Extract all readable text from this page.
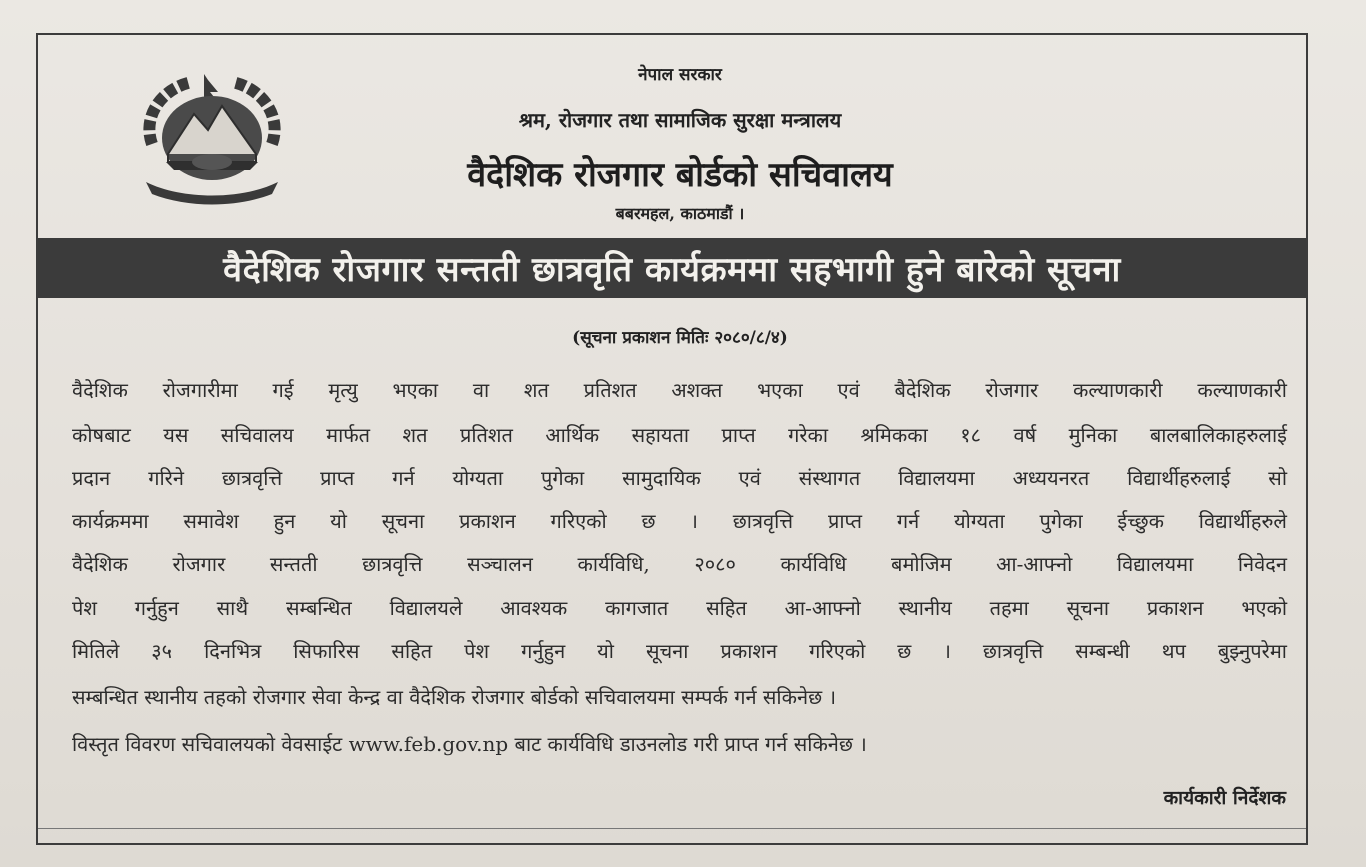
नेपाल सरकार
श्रम, रोजगार तथा सामाजिक सुरक्षा मन्त्रालय
वैदेशिक रोजगार बोर्डको सचिवालय
बबरमहल, काठमाडौं ।
वैदेशिक रोजगार सन्तती छात्रवृति कार्यक्रममा सहभागी हुने बारेको सूचना
(सूचना प्रकाशन मितिः २०८०/८/४)
वैदेशिक रोजगारीमा गई मृत्यु भएका वा शत प्रतिशत अशक्त भएका एवं बैदेशिक रोजगार कल्याणकारी कल्याणकारी
कोषबाट यस सचिवालय मार्फत शत प्रतिशत आर्थिक सहायता प्राप्त गरेका श्रमिकका १८ वर्ष मुनिका बालबालिकाहरुलाई
प्रदान गरिने छात्रवृत्ति प्राप्त गर्न योग्यता पुगेका सामुदायिक एवं संस्थागत विद्यालयमा अध्ययनरत विद्यार्थीहरुलाई सो
कार्यक्रममा समावेश हुन यो सूचना प्रकाशन गरिएको छ । छात्रवृत्ति प्राप्त गर्न योग्यता पुगेका ईच्छुक विद्यार्थीहरुले
वैदेशिक रोजगार सन्तती छात्रवृत्ति सञ्चालन कार्यविधि, २०८० कार्यविधि बमोजिम आ-आफ्नो विद्यालयमा निवेदन
पेश गर्नुहुन साथै सम्बन्धित विद्यालयले आवश्यक कागजात सहित आ-आफ्नो स्थानीय तहमा सूचना प्रकाशन भएको
मितिले ३५ दिनभित्र सिफारिस सहित पेश गर्नुहुन यो सूचना प्रकाशन गरिएको छ । छात्रवृत्ति सम्बन्धी थप बुझ्नुपरेमा
सम्बन्धित स्थानीय तहको रोजगार सेवा केन्द्र वा वैदेशिक रोजगार बोर्डको सचिवालयमा सम्पर्क गर्न सकिनेछ ।
विस्तृत विवरण सचिवालयको वेवसाईट www.feb.gov.np बाट कार्यविधि डाउनलोड गरी प्राप्त गर्न सकिनेछ ।
कार्यकारी निर्देशक
